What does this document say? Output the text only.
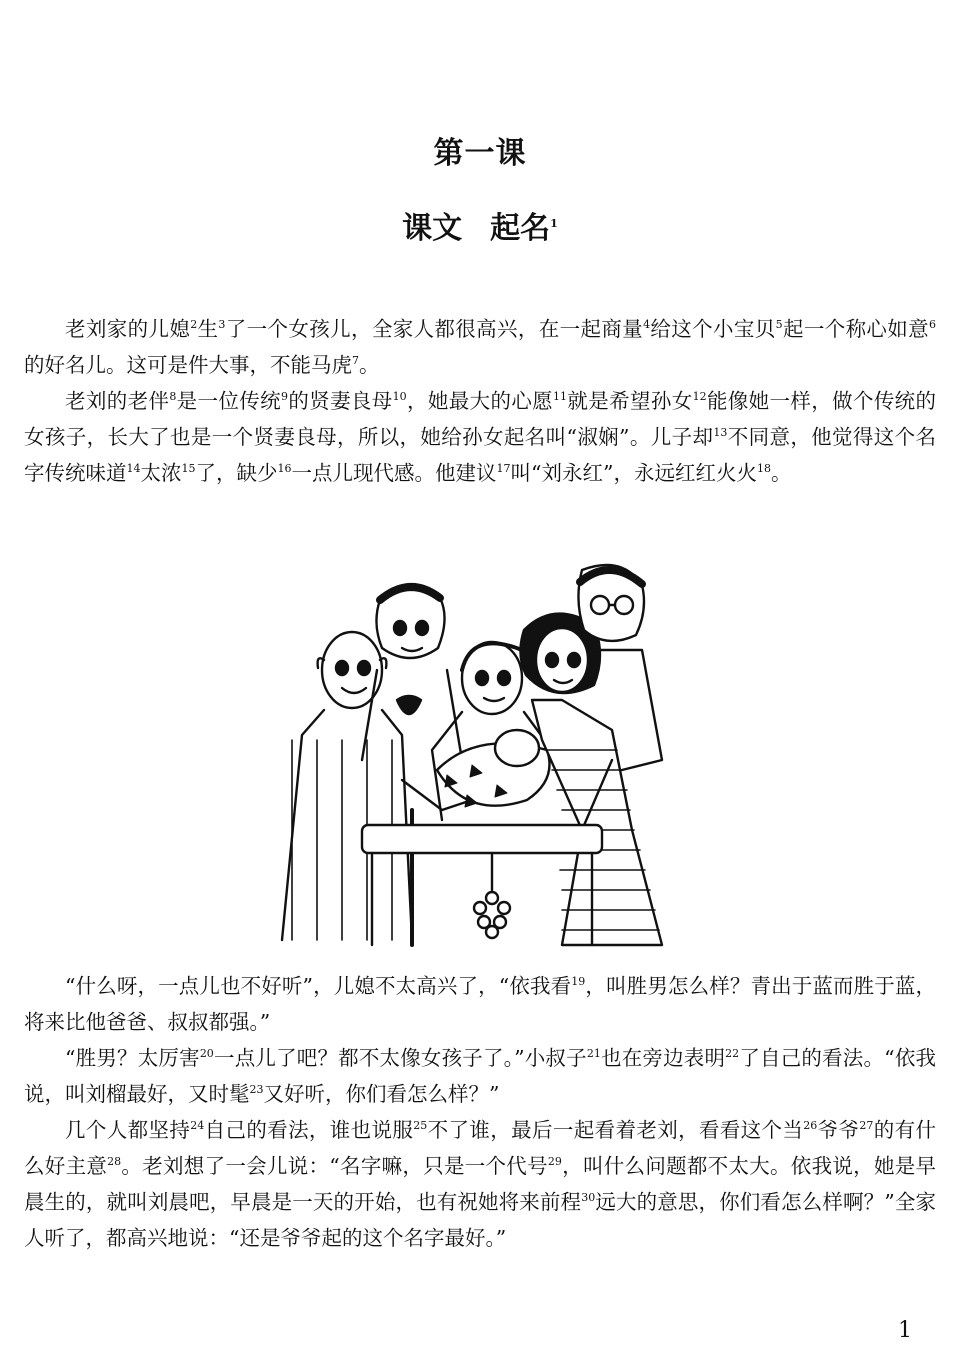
第一课
课文 起名$^1$

老刘家的儿媳$^2$生$^3$了一个女孩儿，全家人都很高兴，在一起商量$^4$给这个小宝贝$^5$起一个称心如意$^6$的好名儿。这可是件大事，不能马虎$^7$。

老刘的老伴$^8$是一位传统$^9$的贤妻良母$^{10}$，她最大的心愿$^{11}$就是希望孙女$^{12}$能像她一样，做个传统的女孩子，长大了也是一个贤妻良母，所以，她给孙女起名叫“淑娴”。儿子却$^{13}$不同意，他觉得这个名字传统味道$^{14}$太浓$^{15}$了，缺少$^{16}$一点儿现代感。他建议$^{17}$叫“刘永红”，永远红红火火$^{18}$。

“什么呀，一点儿也不好听”，儿媳不太高兴了，“依我看$^{19}$，叫胜男怎么样？青出于蓝而胜于蓝，将来比他爸爸、叔叔都强。”

“胜男？太厉害$^{20}$一点儿了吧？都不太像女孩子了。”小叔子$^{21}$也在旁边表明$^{22}$了自己的看法。“依我说，叫刘榴最好，又时髦$^{23}$又好听，你们看怎么样？”

几个人都坚持$^{24}$自己的看法，谁也说服$^{25}$不了谁，最后一起看着老刘，看看这个当$^{26}$爷爷$^{27}$的有什么好主意$^{28}$。老刘想了一会儿说：“名字嘛，只是一个代号$^{29}$，叫什么问题都不太大。依我说，她是早晨生的，就叫刘晨吧，早晨是一天的开始，也有祝她将来前程$^{30}$远大的意思，你们看怎么样啊？”全家人听了，都高兴地说：“还是爷爷起的这个名字最好。”

1
